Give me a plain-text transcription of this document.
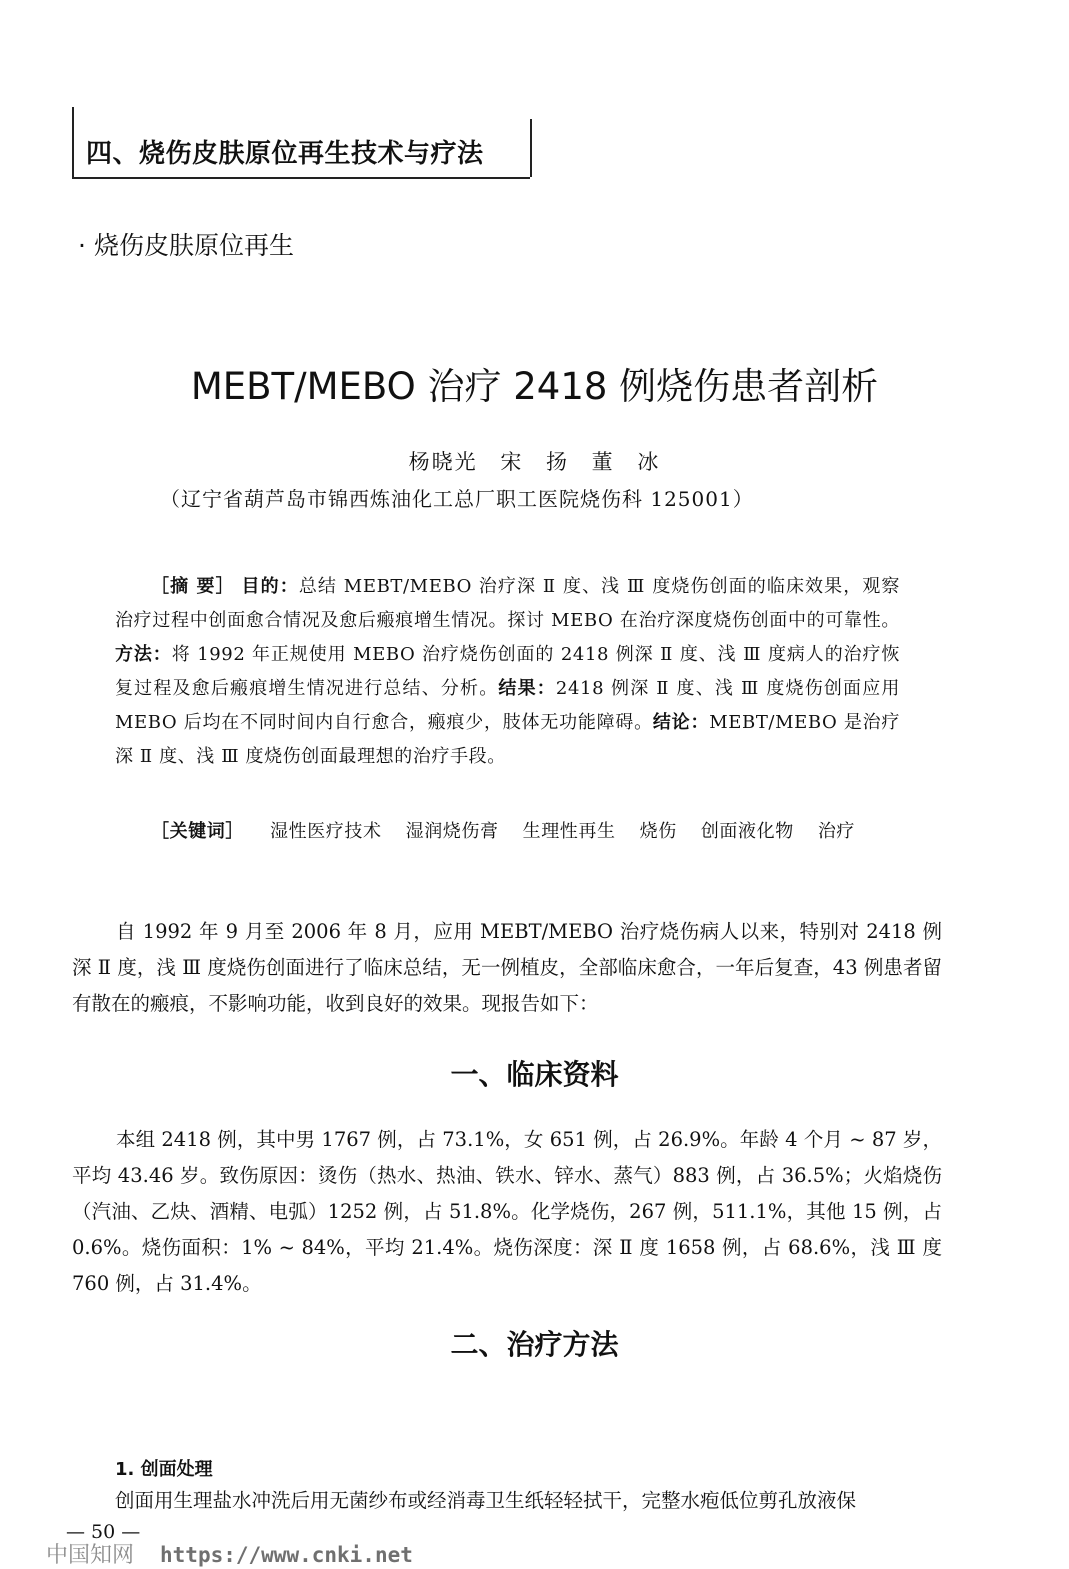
四、烧伤皮肤原位再生技术与疗法
· 烧伤皮肤原位再生
MEBT/MEBO 治疗 2418 例烧伤患者剖析
杨晓光 宋 扬 董 冰
（辽宁省葫芦岛市锦西炼油化工总厂职工医院烧伤科 125001）

［摘 要］ 目的：总结 MEBT/MEBO 治疗深 Ⅱ 度、浅 Ⅲ 度烧伤创面的临床效果，观察治疗过程中创面愈合情况及愈后瘢痕增生情况。探讨 MEBO 在治疗深度烧伤创面中的可靠性。方法：将 1992 年正规使用 MEBO 治疗烧伤创面的 2418 例深 Ⅱ 度、浅 Ⅲ 度病人的治疗恢复过程及愈后瘢痕增生情况进行总结、分析。结果：2418 例深 Ⅱ 度、浅 Ⅲ 度烧伤创面应用 MEBO 后均在不同时间内自行愈合，瘢痕少，肢体无功能障碍。结论：MEBT/MEBO 是治疗深 Ⅱ 度、浅 Ⅲ 度烧伤创面最理想的治疗手段。

［关键词］ 湿性医疗技术 湿润烧伤膏 生理性再生 烧伤 创面液化物 治疗
自 1992 年 9 月至 2006 年 8 月，应用 MEBT/MEBO 治疗烧伤病人以来，特别对 2418 例深 Ⅱ 度，浅 Ⅲ 度烧伤创面进行了临床总结，无一例植皮，全部临床愈合，一年后复查，43 例患者留有散在的瘢痕，不影响功能，收到良好的效果。现报告如下：
一、临床资料
本组 2418 例，其中男 1767 例，占 73.1%，女 651 例，占 26.9%。年龄 4 个月 ~ 87 岁，平均 43.46 岁。致伤原因：烫伤（热水、热油、铁水、锌水、蒸气）883 例，占 36.5%；火焰烧伤（汽油、乙炔、酒精、电弧）1252 例，占 51.8%。化学烧伤，267 例，511.1%，其他 15 例，占 0.6%。烧伤面积：1% ~ 84%，平均 21.4%。烧伤深度：深 Ⅱ 度 1658 例，占 68.6%，浅 Ⅲ 度 760 例，占 31.4%。
二、治疗方法
1. 创面处理
创面用生理盐水冲洗后用无菌纱布或经消毒卫生纸轻轻拭干，完整水疱低位剪孔放液保
— 50 —
中国知网 https://www.cnki.net
